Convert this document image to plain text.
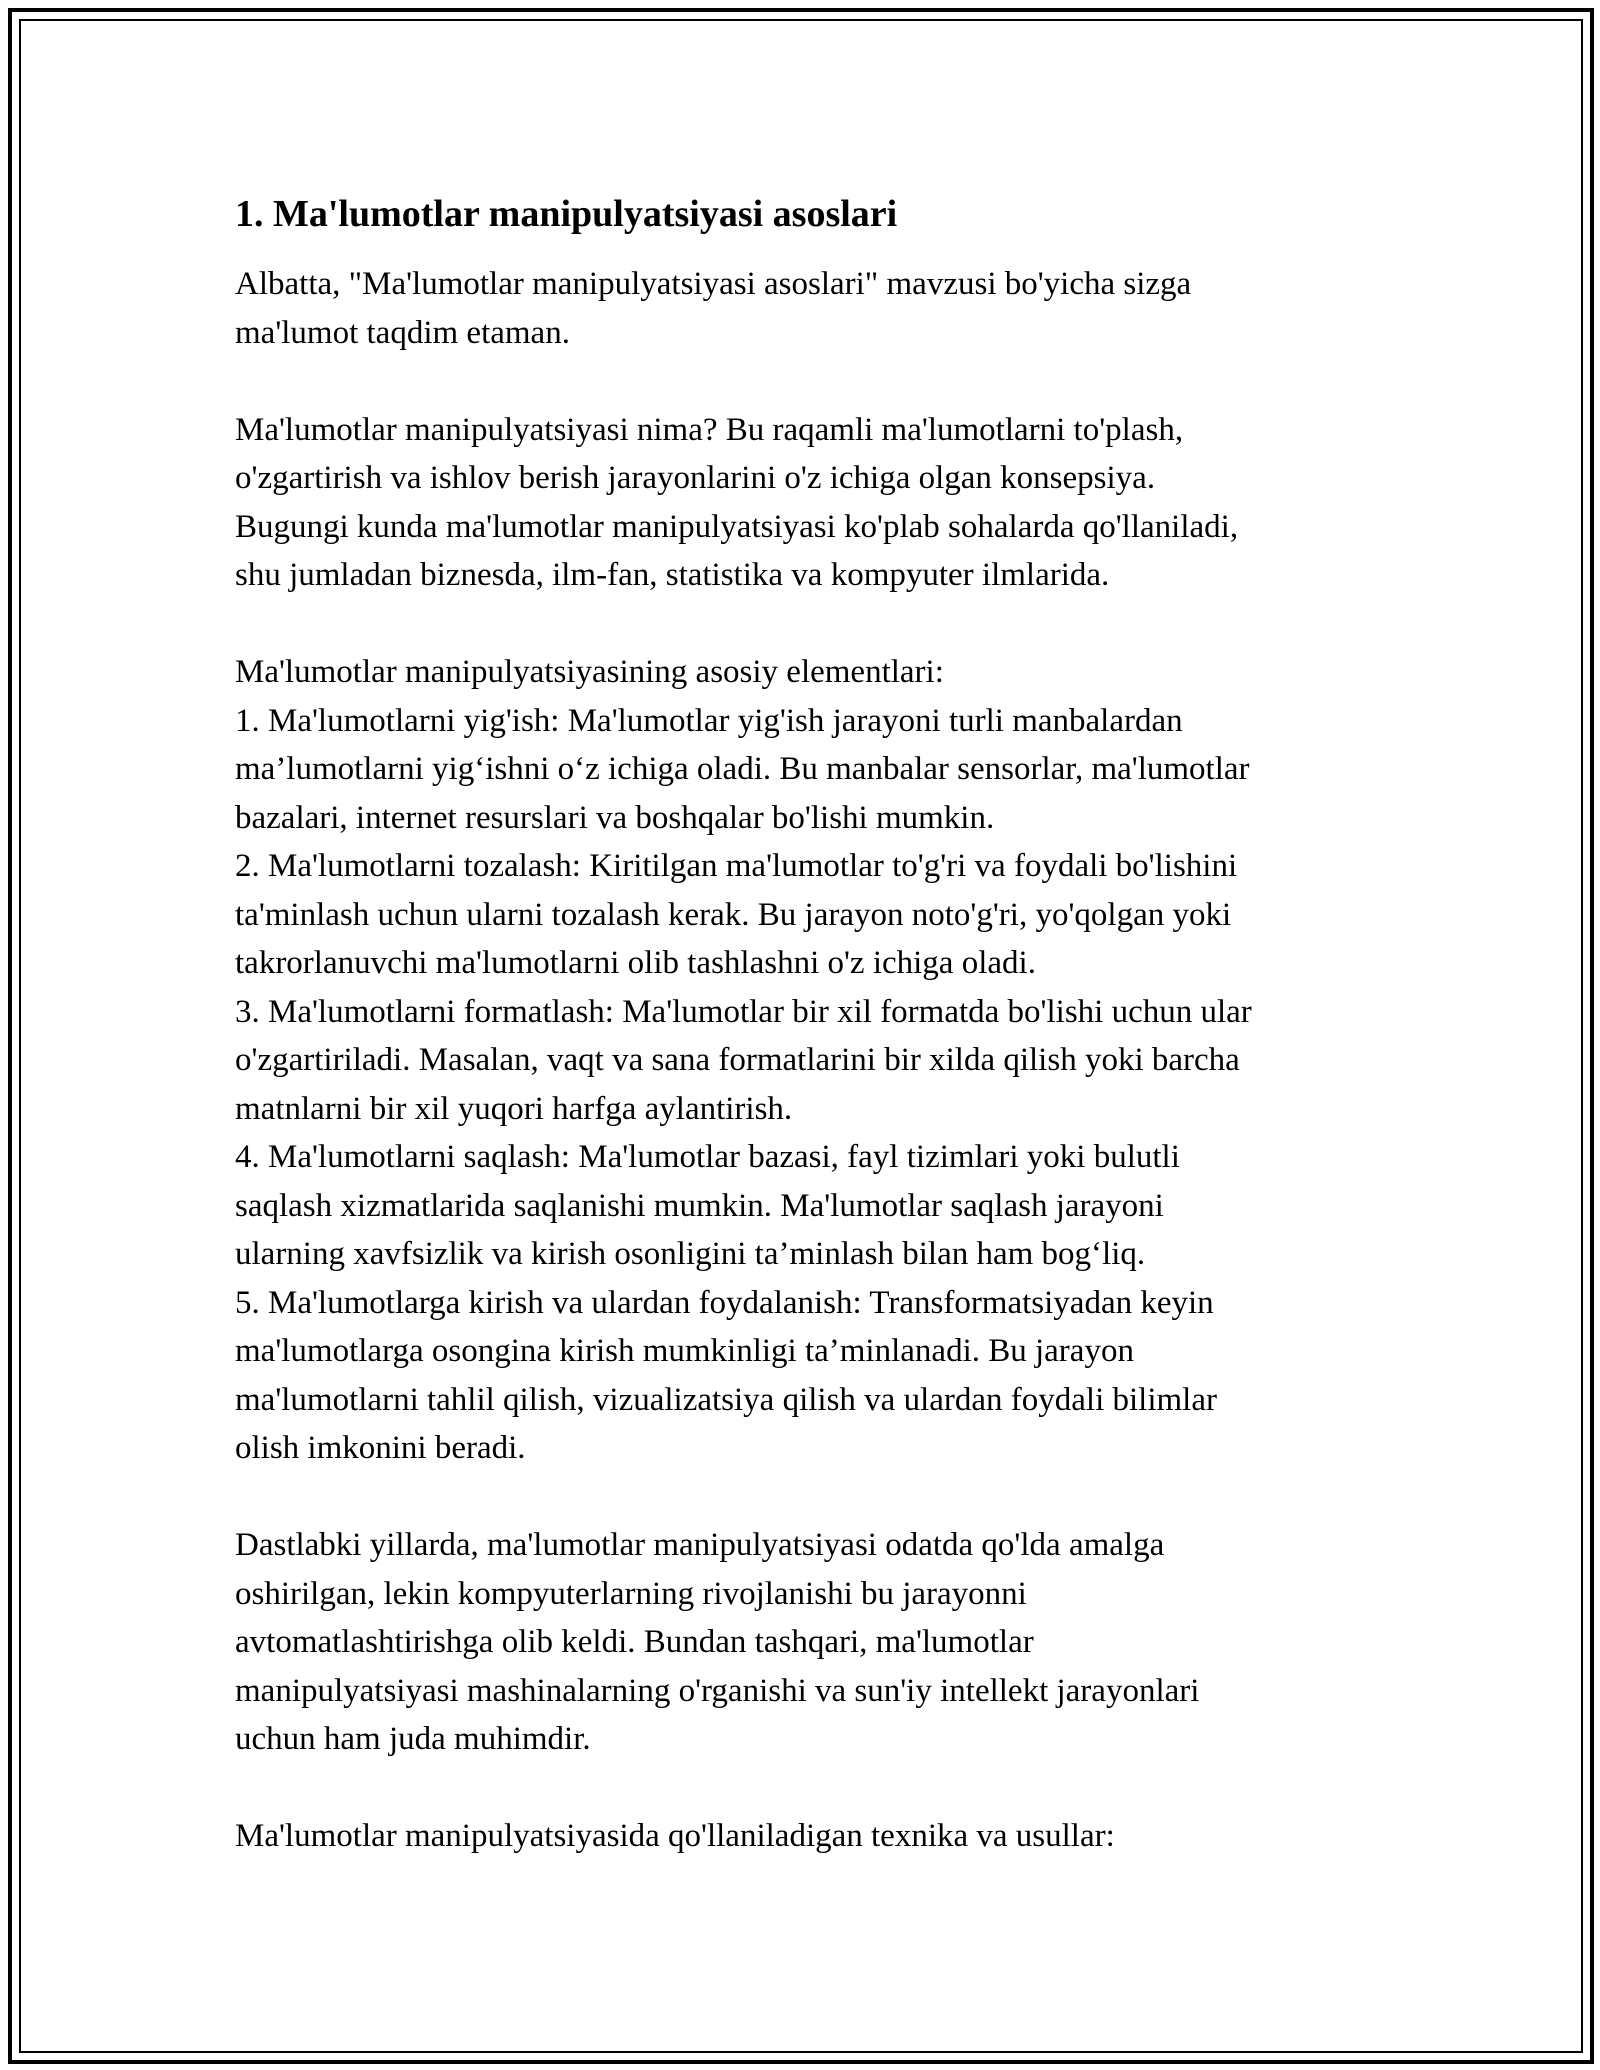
1. Ma'lumotlar manipulyatsiyasi asoslari

Albatta, "Ma'lumotlar manipulyatsiyasi asoslari" mavzusi bo'yicha sizga
ma'lumot taqdim etaman.

Ma'lumotlar manipulyatsiyasi nima? Bu raqamli ma'lumotlarni to'plash,
o'zgartirish va ishlov berish jarayonlarini o'z ichiga olgan konsepsiya.
Bugungi kunda ma'lumotlar manipulyatsiyasi ko'plab sohalarda qo'llaniladi,
shu jumladan biznesda, ilm-fan, statistika va kompyuter ilmlarida.

Ma'lumotlar manipulyatsiyasining asosiy elementlari:
1. Ma'lumotlarni yig'ish: Ma'lumotlar yig'ish jarayoni turli manbalardan
ma’lumotlarni yig‘ishni o‘z ichiga oladi. Bu manbalar sensorlar, ma'lumotlar
bazalari, internet resurslari va boshqalar bo'lishi mumkin.
2. Ma'lumotlarni tozalash: Kiritilgan ma'lumotlar to'g'ri va foydali bo'lishini
ta'minlash uchun ularni tozalash kerak. Bu jarayon noto'g'ri, yo'qolgan yoki
takrorlanuvchi ma'lumotlarni olib tashlashni o'z ichiga oladi.
3. Ma'lumotlarni formatlash: Ma'lumotlar bir xil formatda bo'lishi uchun ular
o'zgartiriladi. Masalan, vaqt va sana formatlarini bir xilda qilish yoki barcha
matnlarni bir xil yuqori harfga aylantirish.
4. Ma'lumotlarni saqlash: Ma'lumotlar bazasi, fayl tizimlari yoki bulutli
saqlash xizmatlarida saqlanishi mumkin. Ma'lumotlar saqlash jarayoni
ularning xavfsizlik va kirish osonligini ta’minlash bilan ham bog‘liq.
5. Ma'lumotlarga kirish va ulardan foydalanish: Transformatsiyadan keyin
ma'lumotlarga osongina kirish mumkinligi ta’minlanadi. Bu jarayon
ma'lumotlarni tahlil qilish, vizualizatsiya qilish va ulardan foydali bilimlar
olish imkonini beradi.

Dastlabki yillarda, ma'lumotlar manipulyatsiyasi odatda qo'lda amalga
oshirilgan, lekin kompyuterlarning rivojlanishi bu jarayonni
avtomatlashtirishga olib keldi. Bundan tashqari, ma'lumotlar
manipulyatsiyasi mashinalarning o'rganishi va sun'iy intellekt jarayonlari
uchun ham juda muhimdir.

Ma'lumotlar manipulyatsiyasida qo'llaniladigan texnika va usullar:
